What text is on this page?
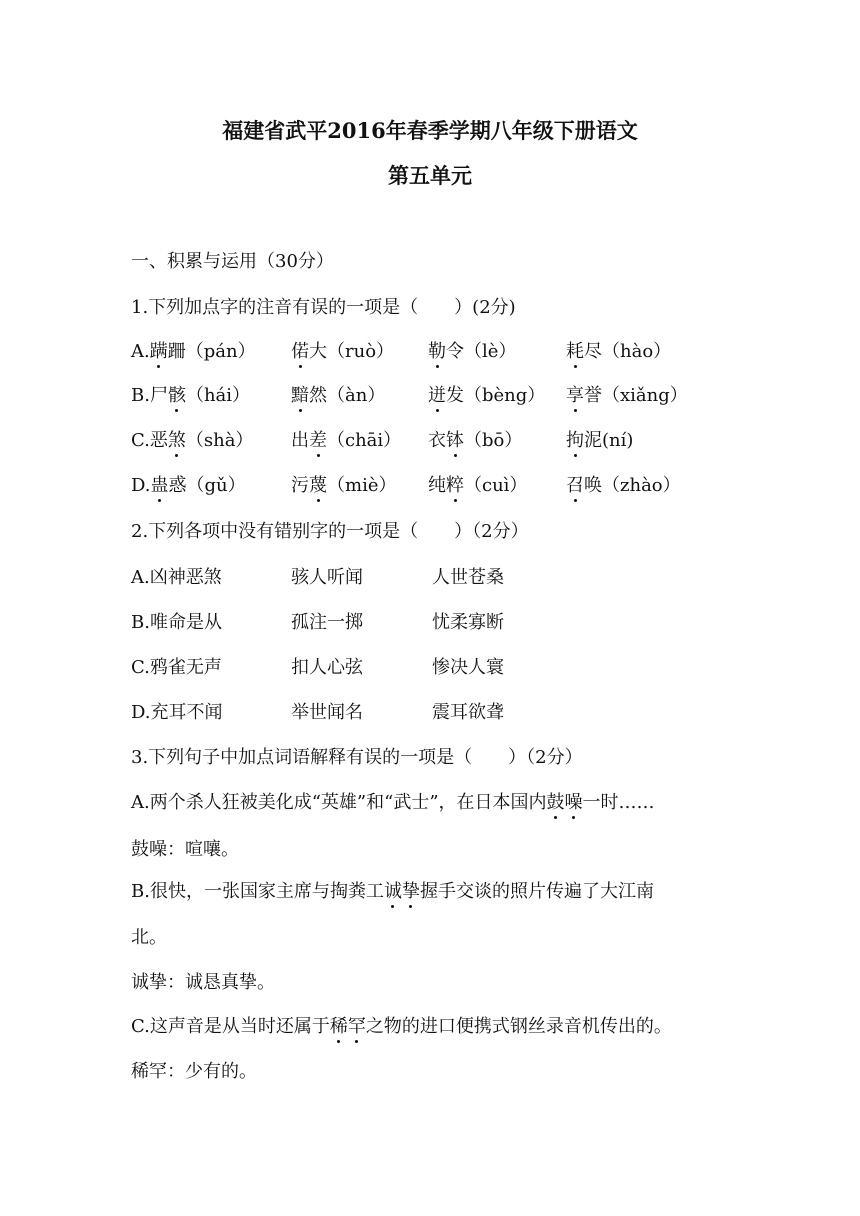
福建省武平2016年春季学期八年级下册语文
第五单元
一、积累与运用（30分）
1.下列加点字的注音有误的一项是（　　）(2分)
A.蹒跚（pán） 偌大（ruò） 勒令（lè）	耗尽（hào）
B.尸骸（hái） 黯然（àn） 迸发（bèng） 享誉（xiǎng）
C.恶煞（shà） 出差（chāi） 衣钵（bō） 拘泥(ní)
D.蛊惑（gǔ）	污蔑（miè） 纯粹（cuì） 召唤（zhào）
2.下列各项中没有错别字的一项是（　　）（2分）
A.凶神恶煞	骇人听闻	人世苍桑
B.唯命是从	孤注一掷	忧柔寡断
C.鸦雀无声	扣人心弦	惨决人寰
D.充耳不闻	举世闻名	震耳欲聋
3.下列句子中加点词语解释有误的一项是（　　）（2分）
A.两个杀人狂被美化成“英雄”和“武士”，在日本国内鼓噪一时……
鼓噪：喧嚷。
B.很快，一张国家主席与掏粪工诚挚握手交谈的照片传遍了大江南
北。
诚挚：诚恳真挚。
C.这声音是从当时还属于稀罕之物的进口便携式钢丝录音机传出的。
稀罕：少有的。
